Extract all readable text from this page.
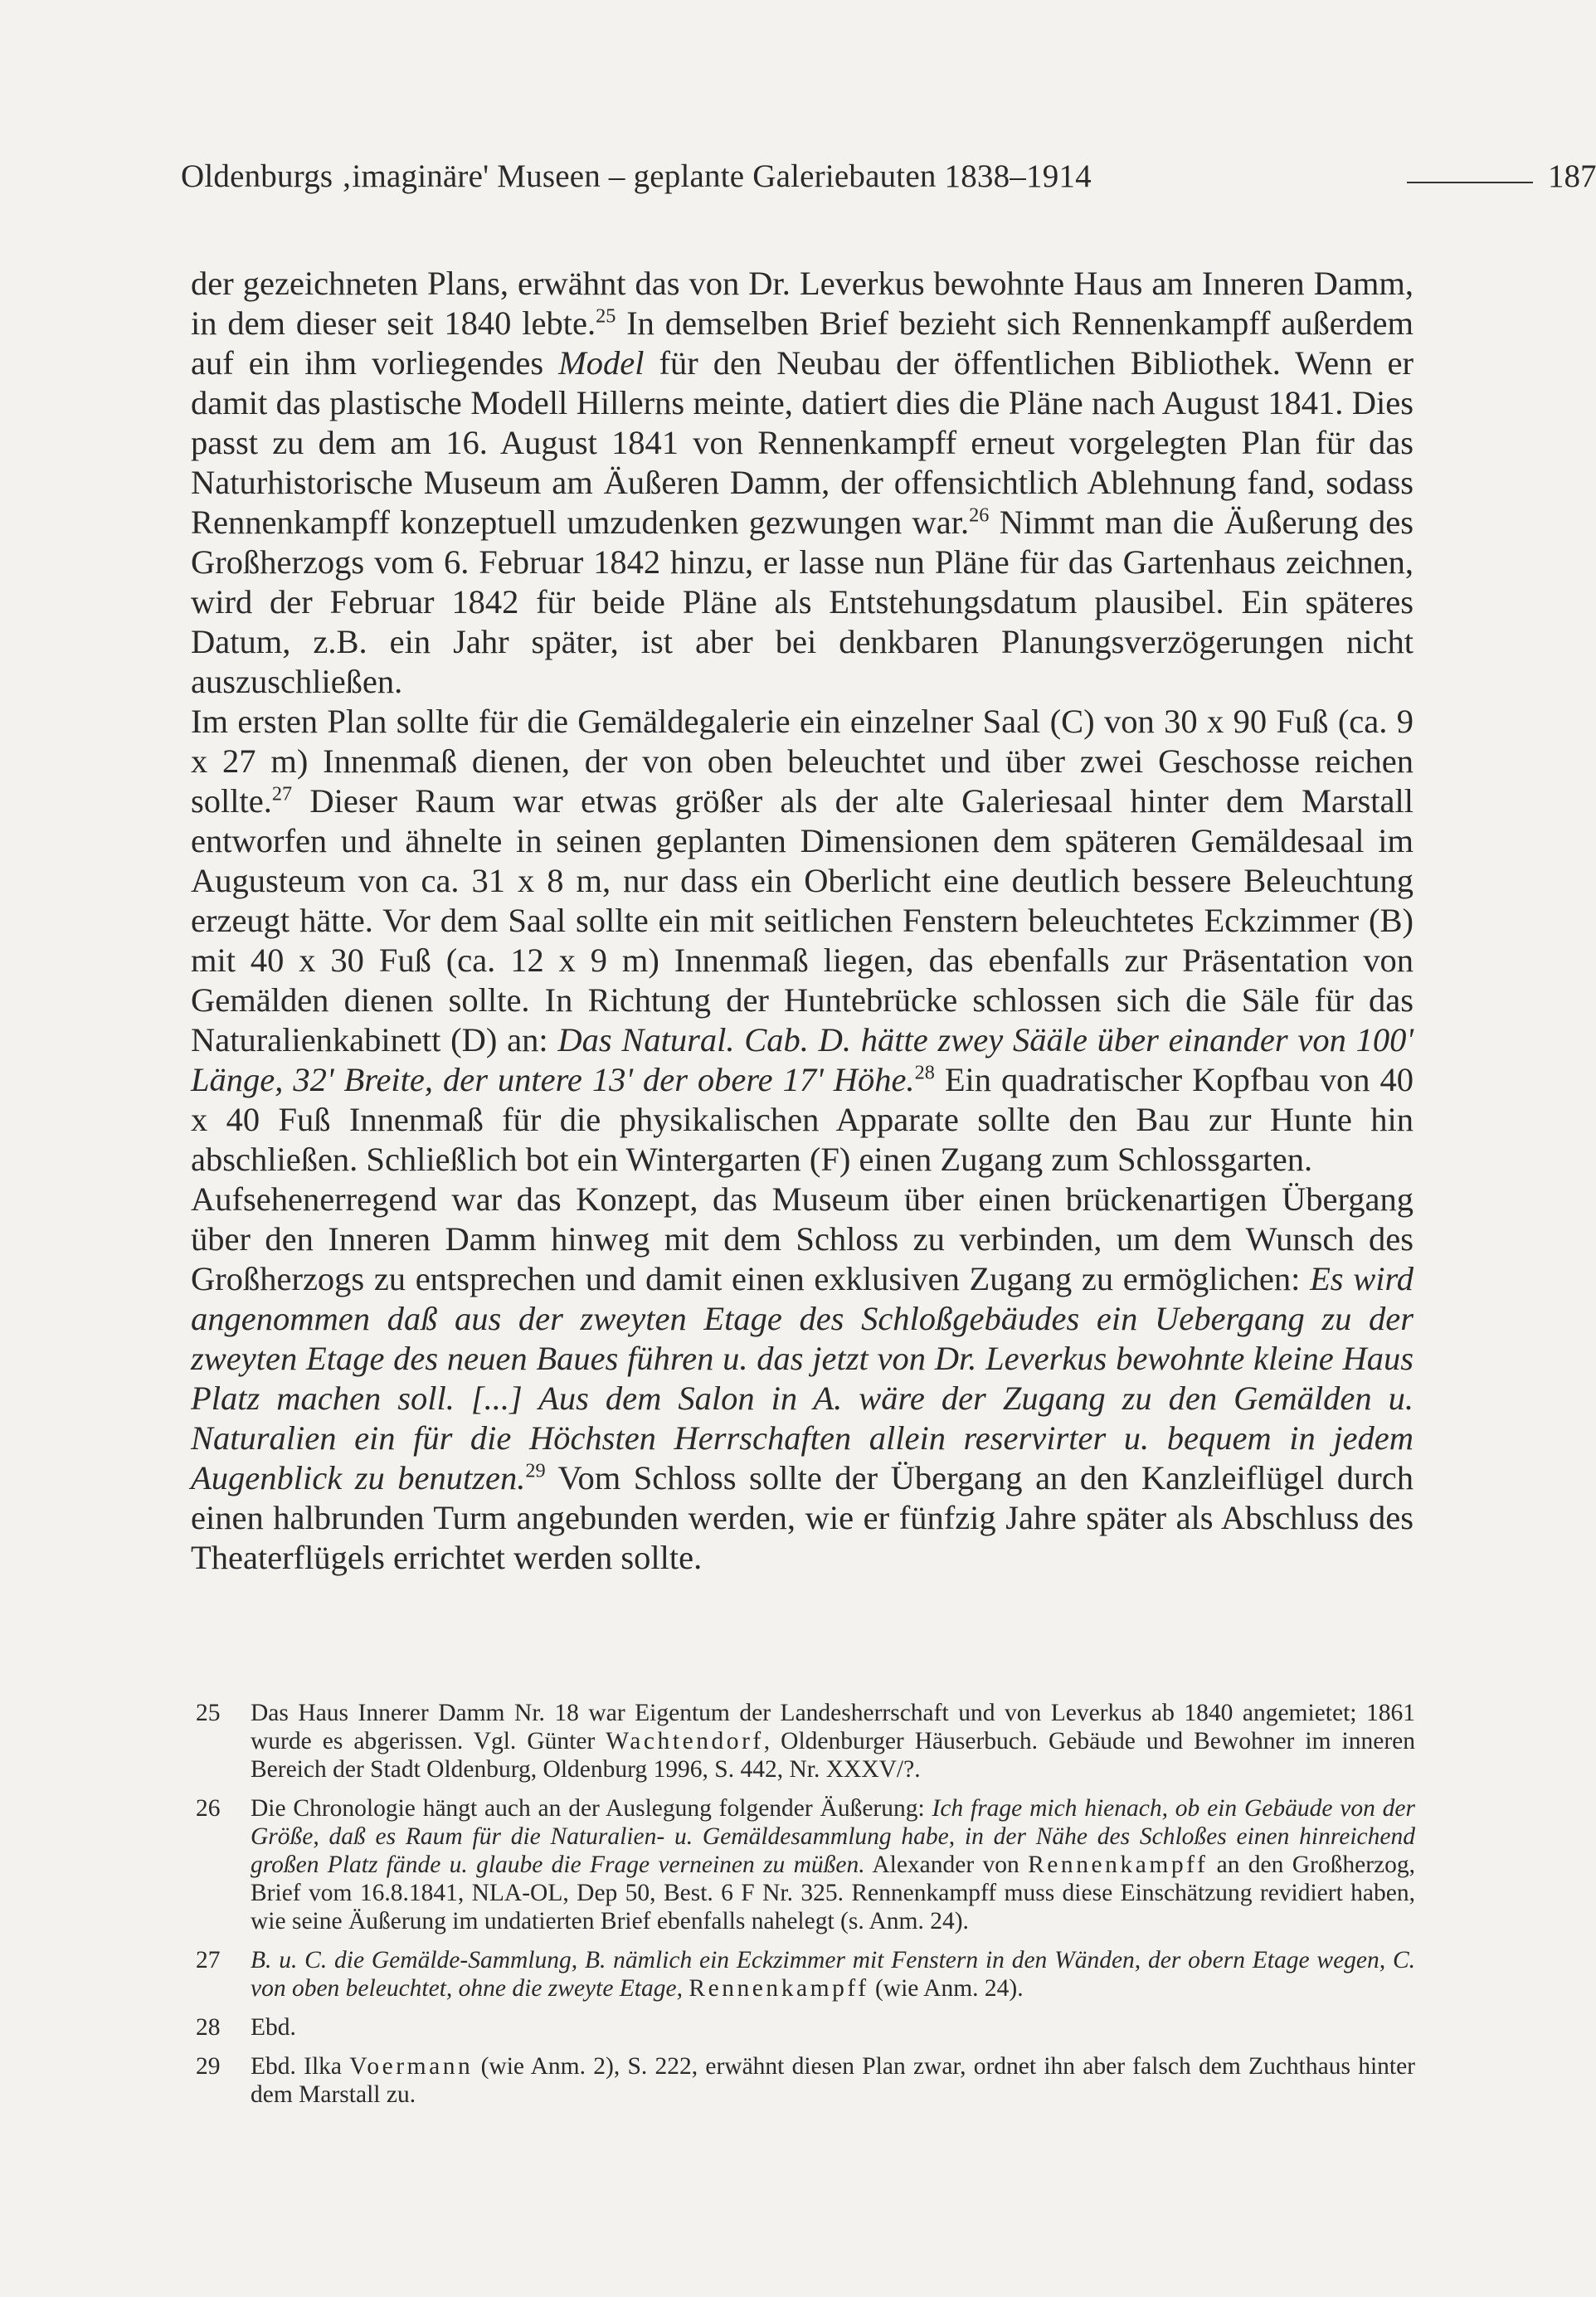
Oldenburgs ‚imaginäre' Museen – geplante Galeriebauten 1838–1914	187

der gezeichneten Plans, erwähnt das von Dr. Leverkus bewohnte Haus am Inneren Damm, in dem dieser seit 1840 lebte.$^{25}$ In demselben Brief bezieht sich Rennenkampff außerdem auf ein ihm vorliegendes Model für den Neubau der öffentlichen Bibliothek. Wenn er damit das plastische Modell Hillerns meinte, datiert dies die Pläne nach August 1841. Dies passt zu dem am 16. August 1841 von Rennenkampff erneut vorgelegten Plan für das Naturhistorische Museum am Äußeren Damm, der offensichtlich Ablehnung fand, sodass Rennenkampff konzeptuell umzudenken gezwungen war.$^{26}$ Nimmt man die Äußerung des Großherzogs vom 6. Februar 1842 hinzu, er lasse nun Pläne für das Gartenhaus zeichnen, wird der Februar 1842 für beide Pläne als Entstehungsdatum plausibel. Ein späteres Datum, z.B. ein Jahr später, ist aber bei denkbaren Planungsverzögerungen nicht auszuschließen.

Im ersten Plan sollte für die Gemäldegalerie ein einzelner Saal (C) von 30 x 90 Fuß (ca. 9 x 27 m) Innenmaß dienen, der von oben beleuchtet und über zwei Geschosse reichen sollte.$^{27}$ Dieser Raum war etwas größer als der alte Galeriesaal hinter dem Marstall entworfen und ähnelte in seinen geplanten Dimensionen dem späteren Gemäldesaal im Augusteum von ca. 31 x 8 m, nur dass ein Oberlicht eine deutlich bessere Beleuchtung erzeugt hätte. Vor dem Saal sollte ein mit seitlichen Fenstern beleuchtetes Eckzimmer (B) mit 40 x 30 Fuß (ca. 12 x 9 m) Innenmaß liegen, das ebenfalls zur Präsentation von Gemälden dienen sollte. In Richtung der Huntebrücke schlossen sich die Säle für das Naturalienkabinett (D) an: Das Natural. Cab. D. hätte zwey Sääle über einander von 100' Länge, 32' Breite, der untere 13' der obere 17' Höhe.$^{28}$ Ein quadratischer Kopfbau von 40 x 40 Fuß Innenmaß für die physikalischen Apparate sollte den Bau zur Hunte hin abschließen. Schließlich bot ein Wintergarten (F) einen Zugang zum Schlossgarten.

Aufsehenerregend war das Konzept, das Museum über einen brückenartigen Übergang über den Inneren Damm hinweg mit dem Schloss zu verbinden, um dem Wunsch des Großherzogs zu entsprechen und damit einen exklusiven Zugang zu ermöglichen: Es wird angenommen daß aus der zweyten Etage des Schloßgebäudes ein Uebergang zu der zweyten Etage des neuen Baues führen u. das jetzt von Dr. Leverkus bewohnte kleine Haus Platz machen soll. [...] Aus dem Salon in A. wäre der Zugang zu den Gemälden u. Naturalien ein für die Höchsten Herrschaften allein reservirter u. bequem in jedem Augenblick zu benutzen.$^{29}$ Vom Schloss sollte der Übergang an den Kanzleiflügel durch einen halbrunden Turm angebunden werden, wie er fünfzig Jahre später als Abschluss des Theaterflügels errichtet werden sollte.

25 Das Haus Innerer Damm Nr. 18 war Eigentum der Landesherrschaft und von Leverkus ab 1840 angemietet; 1861 wurde es abgerissen. Vgl. Günter Wachtendorf, Oldenburger Häuserbuch. Gebäude und Bewohner im inneren Bereich der Stadt Oldenburg, Oldenburg 1996, S. 442, Nr. XXXV/?.
26 Die Chronologie hängt auch an der Auslegung folgender Äußerung: Ich frage mich hienach, ob ein Gebäude von der Größe, daß es Raum für die Naturalien- u. Gemäldesammlung habe, in der Nähe des Schloßes einen hinreichend großen Platz fände u. glaube die Frage verneinen zu müßen. Alexander von Rennenkampff an den Großherzog, Brief vom 16.8.1841, NLA-OL, Dep 50, Best. 6 F Nr. 325. Rennenkampff muss diese Einschätzung revidiert haben, wie seine Äußerung im undatierten Brief ebenfalls nahelegt (s. Anm. 24).
27 B. u. C. die Gemälde-Sammlung, B. nämlich ein Eckzimmer mit Fenstern in den Wänden, der obern Etage wegen, C. von oben beleuchtet, ohne die zweyte Etage, Rennenkampff (wie Anm. 24).
28 Ebd.
29 Ebd. Ilka Voermann (wie Anm. 2), S. 222, erwähnt diesen Plan zwar, ordnet ihn aber falsch dem Zuchthaus hinter dem Marstall zu.
